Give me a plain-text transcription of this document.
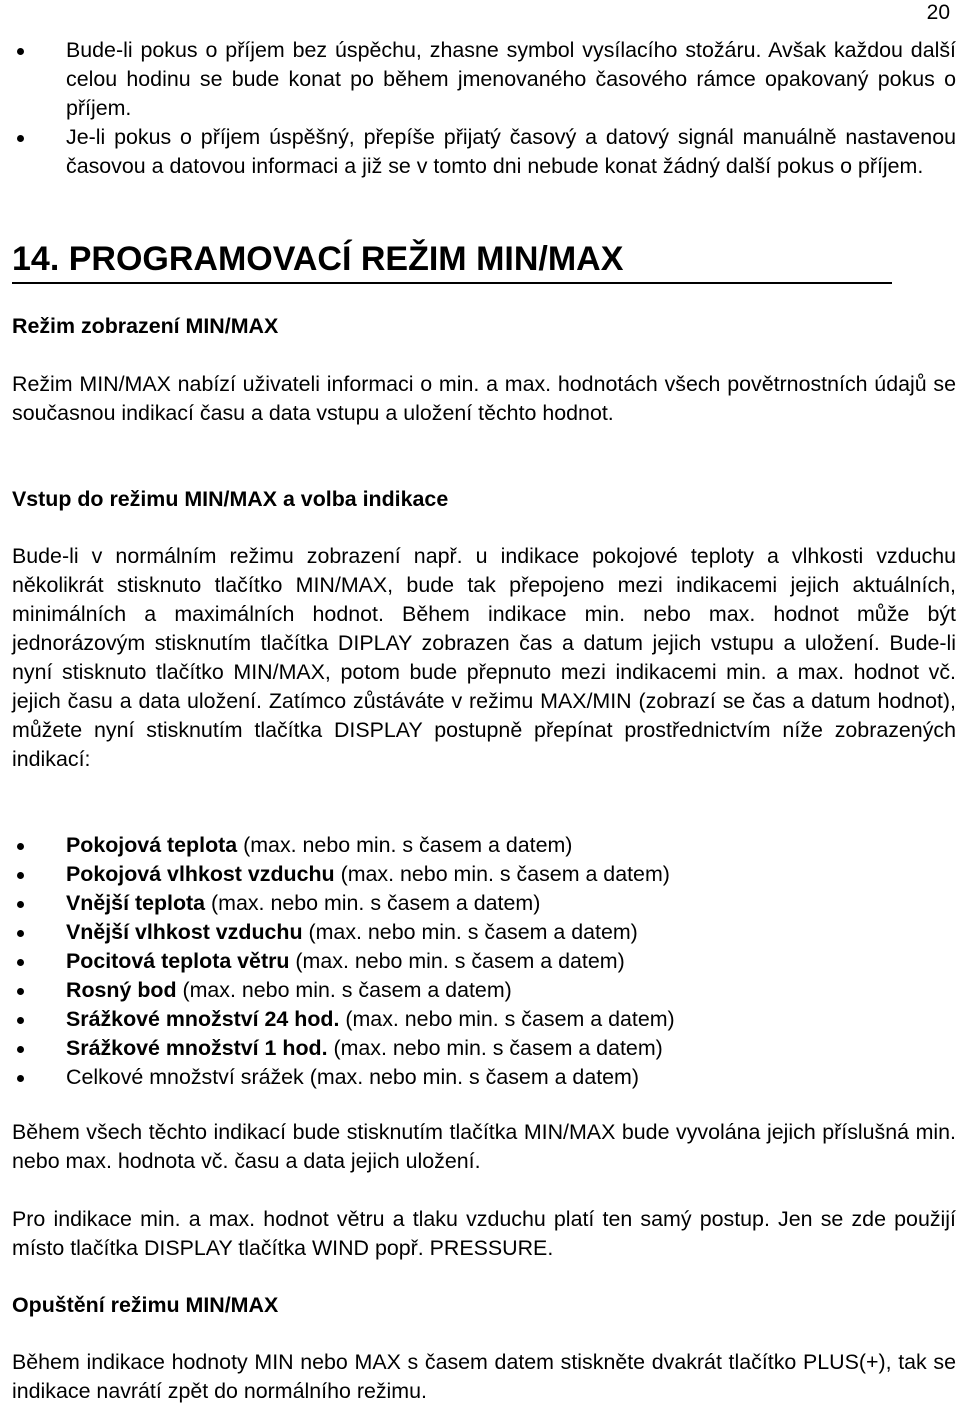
20
Bude-li pokus o příjem bez úspěchu, zhasne symbol vysílacího stožáru. Avšak každou další celou hodinu se bude konat po během jmenovaného časového rámce opakovaný pokus o příjem.
Je-li pokus o příjem úspěšný, přepíše přijatý časový a datový signál manuálně nastavenou časovou a datovou informaci a již se v tomto dni nebude konat žádný další pokus o příjem.
14. PROGRAMOVACÍ REŽIM MIN/MAX
Režim zobrazení MIN/MAX
Režim MIN/MAX nabízí uživateli informaci o min. a max. hodnotách všech povětrnostních údajů se současnou indikací času a data vstupu a uložení těchto hodnot.
Vstup do režimu MIN/MAX a volba indikace
Bude-li v normálním režimu zobrazení např. u indikace pokojové teploty a vlhkosti vzduchu několikrát stisknuto tlačítko MIN/MAX, bude tak přepojeno mezi indikacemi jejich aktuálních, minimálních a maximálních hodnot. Během indikace min. nebo max. hodnot může být jednorázovým stisknutím tlačítka DIPLAY zobrazen čas a datum jejich vstupu a uložení. Bude-li nyní stisknuto tlačítko MIN/MAX, potom bude přepnuto mezi indikacemi min. a max. hodnot vč. jejich času a data uložení. Zatímco zůstáváte v režimu MAX/MIN (zobrazí se čas a datum hodnot), můžete nyní stisknutím tlačítka DISPLAY postupně přepínat prostřednictvím níže zobrazených indikací:
Pokojová teplota (max. nebo min. s časem a datem)
Pokojová vlhkost vzduchu (max. nebo min. s časem a datem)
Vnější teplota (max. nebo min. s časem a datem)
Vnější vlhkost vzduchu (max. nebo min. s časem a datem)
Pocitová teplota větru (max. nebo min. s časem a datem)
Rosný bod (max. nebo min. s časem a datem)
Srážkové množství 24 hod. (max. nebo min. s časem a datem)
Srážkové množství 1 hod. (max. nebo min. s časem a datem)
Celkové množství srážek (max. nebo min. s časem a datem)
Během všech těchto indikací bude stisknutím tlačítka MIN/MAX bude vyvolána jejich příslušná min. nebo max. hodnota vč. času a data jejich uložení.
Pro indikace min. a max. hodnot větru a tlaku vzduchu platí ten samý postup. Jen se zde použijí místo tlačítka DISPLAY tlačítka WIND popř. PRESSURE.
Opuštění režimu MIN/MAX
Během indikace hodnoty MIN nebo MAX s časem datem stiskněte dvakrát tlačítko PLUS(+), tak se indikace navrátí zpět do normálního režimu.
